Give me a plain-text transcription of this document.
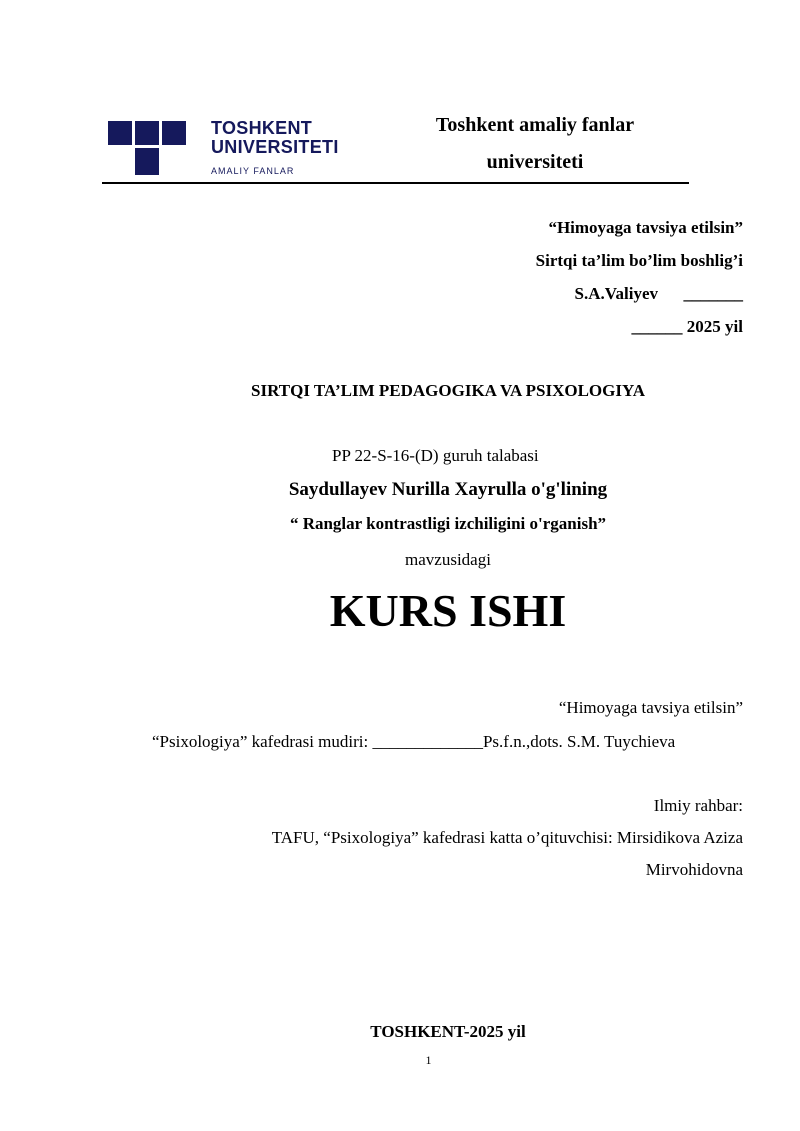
TOSHKENT
UNIVERSITETI
AMALIY FANLAR
Toshkent amaliy fanlar
universiteti
“Himoyaga tavsiya etilsin”
Sirtqi ta’lim bo’lim boshlig’i
S.A.Valiyev      _______
______ 2025 yil
SIRTQI TA’LIM PEDAGOGIKA VA PSIXOLOGIYA
PP 22-S-16-(D) guruh talabasi
Saydullayev Nurilla Xayrulla o'g'lining
“ Ranglar kontrastligi izchiligini o'rganish”
mavzusidagi
KURS ISHI
“Himoyaga tavsiya etilsin”
“Psixologiya” kafedrasi mudiri: _____________Ps.f.n.,dots. S.M. Tuychieva
Ilmiy rahbar:
TAFU, “Psixologiya” kafedrasi katta o’qituvchisi: Mirsidikova Aziza
Mirvohidovna
TOSHKENT-2025 yil
1
